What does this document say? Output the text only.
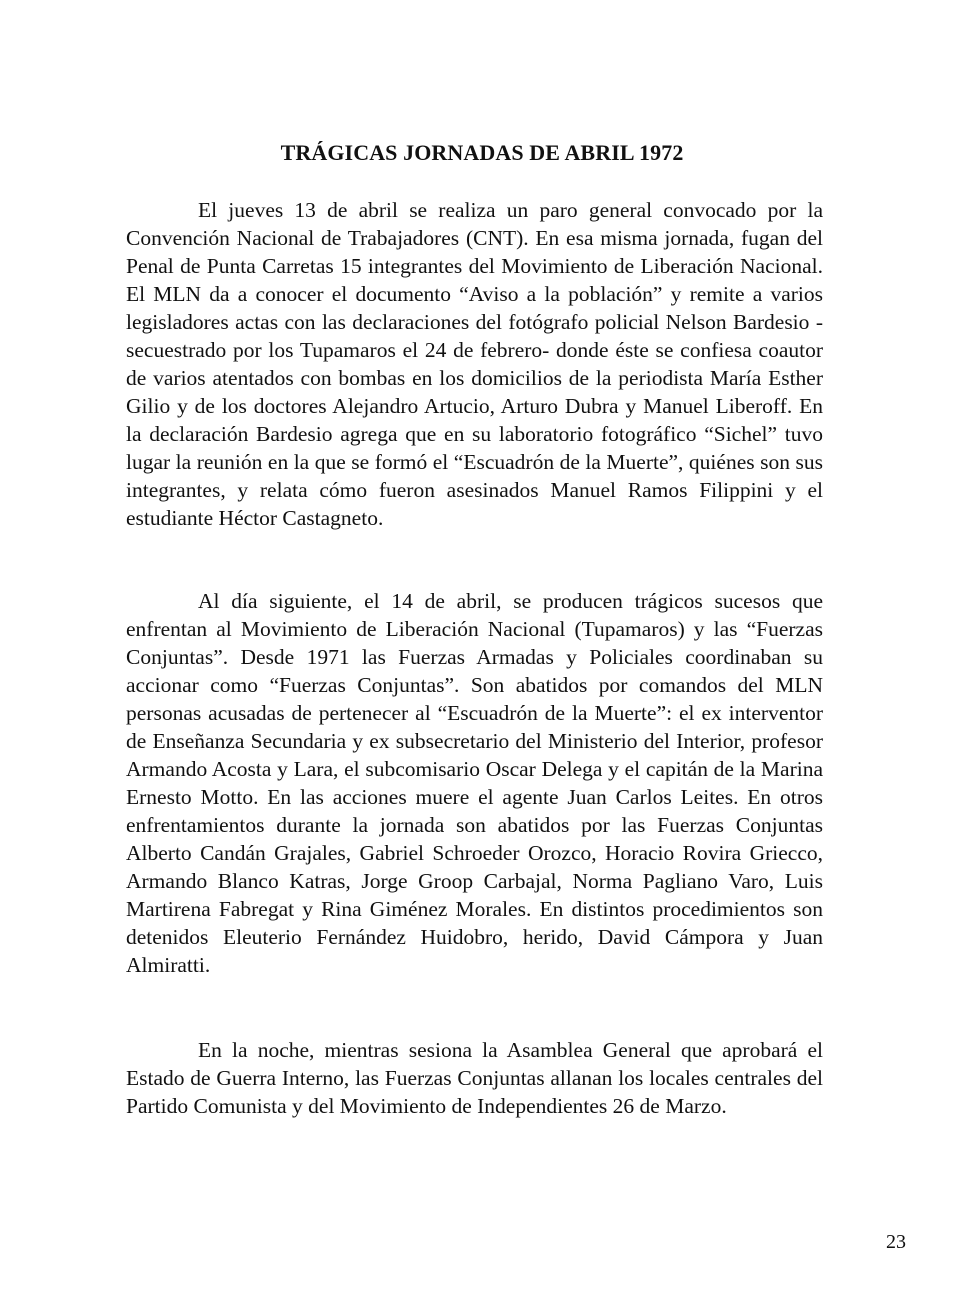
TRÁGICAS JORNADAS DE ABRIL 1972

El jueves 13 de abril se realiza un paro general convocado por la Convención Nacional de Trabajadores (CNT). En esa misma jornada, fugan del Penal de Punta Carretas 15 integrantes del Movimiento de Liberación Nacional. El MLN da a conocer el documento “Aviso a la población” y remite a varios legisladores actas con las declaraciones del fotógrafo policial Nelson Bardesio -secuestrado por los Tupamaros el 24 de febrero- donde éste se confiesa coautor de varios atentados con bombas en los domicilios de la periodista María Esther Gilio y de los doctores Alejandro Artucio, Arturo Dubra y Manuel Liberoff. En la declaración Bardesio agrega que en su laboratorio fotográfico “Sichel” tuvo lugar la reunión en la que se formó el “Escuadrón de la Muerte”, quiénes son sus integrantes, y relata cómo fueron asesinados Manuel Ramos Filippini y el estudiante Héctor Castagneto.

Al día siguiente, el 14 de abril, se producen trágicos sucesos que enfrentan al Movimiento de Liberación Nacional (Tupamaros) y las “Fuerzas Conjuntas”. Desde 1971 las Fuerzas Armadas y Policiales coordinaban su accionar como “Fuerzas Conjuntas”. Son abatidos por comandos del MLN personas acusadas de pertenecer al “Escuadrón de la Muerte”: el ex interventor de Enseñanza Secundaria y ex subsecretario del Ministerio del Interior, profesor Armando Acosta y Lara, el subcomisario Oscar Delega y el capitán de la Marina Ernesto Motto. En las acciones muere el agente Juan Carlos Leites. En otros enfrentamientos durante la jornada son abatidos por las Fuerzas Conjuntas Alberto Candán Grajales, Gabriel Schroeder Orozco, Horacio Rovira Griecco, Armando Blanco Katras, Jorge Groop Carbajal, Norma Pagliano Varo, Luis Martirena Fabregat y Rina Giménez Morales. En distintos procedimientos son detenidos Eleuterio Fernández Huidobro, herido, David Cámpora y Juan Almiratti.

En la noche, mientras sesiona la Asamblea General que aprobará el Estado de Guerra Interno, las Fuerzas Conjuntas allanan los locales centrales del Partido Comunista y del Movimiento de Independientes 26 de Marzo.

23
